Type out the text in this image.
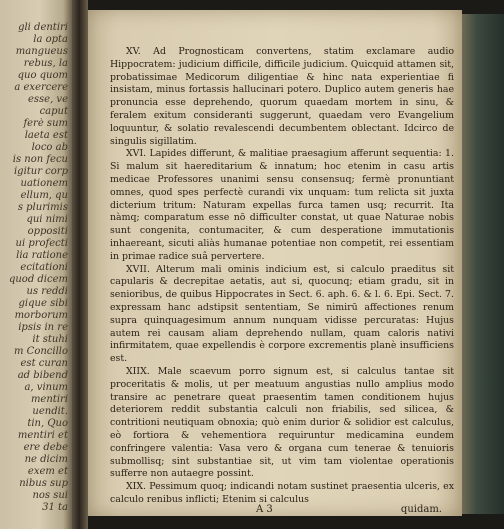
gli dentiri
la opta
mangueus
rebus, la
quo quom
a exercere
esse, ve
caput
ferè sum
laeta est
loco ab
is non fecu
igitur corp
uationem
ellum, qu
s plurimis
qui nimi
oppositi
ui profecti
lia ratione
ecitationi
quod dicem
us reddi
gique sibi
morborum
ipsis in re
it stuhi
m Concillo
est curan
ad bibend
a, vinum
mentiri
uendit.
tin, Quo
mentiri et
ere debe
ne dicim
exem et
nibus sup
nos sui
31 ta

XV. Ad Prognosticam convertens, statim exclamare audio Hippocratem: judicium difficile, difficile judicium. Quicquid attamen sit, probatissimae Medicorum diligentiae & hinc nata experientiae fi insistam, minus fortassis hallucinari potero. Duplico autem generis hae pronuncia esse deprehendo, quorum quaedam mortem in sinu, & feralem exitum consideranti suggerunt, quaedam vero Evangelium loquuntur, & solatio revalescendi decumbentem oblectant. Idcirco de singulis sigillatim.

XVI. Lapides differunt, & malitiae praesagium afferunt sequentia: 1. Si malum sit haereditarium & innatum; hoc etenim in casu artis medicae Professores unanimi sensu consensuq; fermè pronuntiant omnes, quod spes perfectè curandi vix unquam: tum relicta sit juxta dicterium tritum: Naturam expellas furca tamen usq; recurrit. Ita nàmq; comparatum esse nō difficulter constat, ut quae Naturae nobis sunt congenita, contumaciter, & cum desperatione immutationis inhaereant, sicuti aliàs humanae potentiae non competit, rei essentiam in primae radice suâ pervertere.

XVII. Alterum mali ominis indicium est, si calculo praeditus sit capularis & decrepitae aetatis, aut si, quocunq; etiam gradu, sit in senioribus, de quibus Hippocrates in Sect. 6. aph. 6. & l. 6. Epi. Sect. 7. expressam hanc adstipsit sententiam, Se nimirū affectiones renum supra quinquagesimum annum nunquam vidisse percuratas: Hujus autem rei causam aliam deprehendo nullam, quam caloris nativi infirmitatem, quae expellendis è corpore excrementis planè insufficiens est.

XIIX. Male scaevum porro signum est, si calculus tantae sit proceritatis & molis, ut per meatuum angustias nullo amplius modo transire ac penetrare queat praesentim tamen conditionem hujus deteriorem reddit substantia calculi non friabilis, sed silicea, & contritioni neutiquam obnoxia; quò enim durior & solidior est calculus, eò fortiora & vehementiora requiruntur medicamina eundem confringere valentia: Vasa vero & organa cum tenerae & tenuioris submollisq; sint substantiae sit, ut vim tam violentae operationis sufferre non autaegre possint.

XIX. Pessimum quoq; indicandi notam sustinet praesentia ulceris, ex calculo renibus inflicti; Etenim si calculus

A 3	quidam.
